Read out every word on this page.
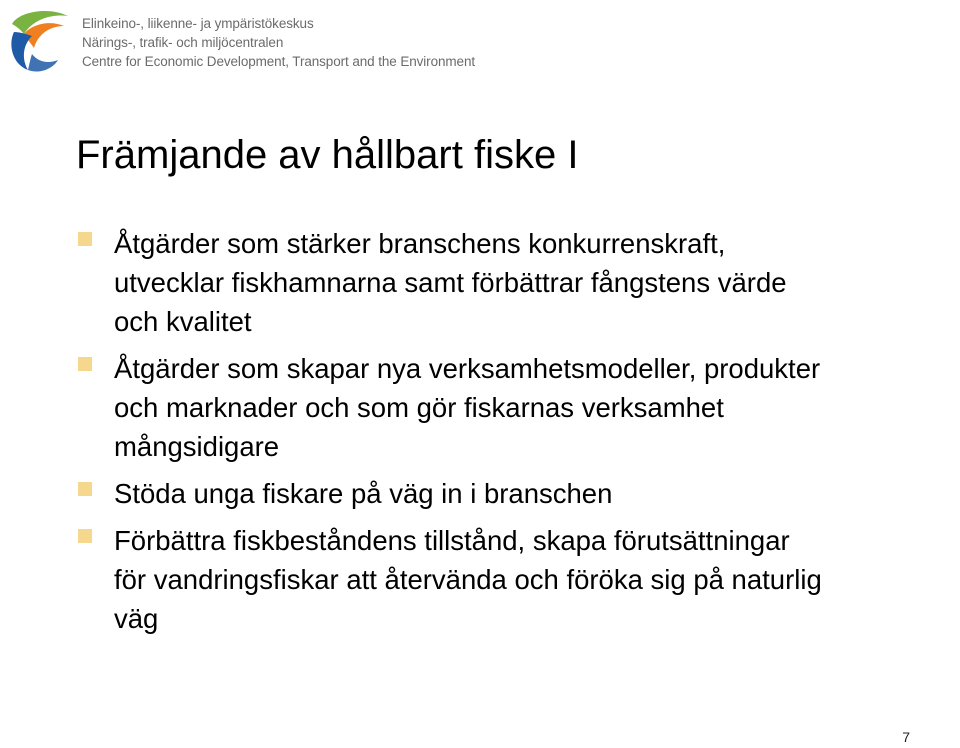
Elinkeino-, liikenne- ja ympäristökeskus
Närings-, trafik- och miljöcentralen
Centre for Economic Development, Transport and the Environment
Främjande av hållbart fiske I
Åtgärder som stärker branschens konkurrenskraft,
utvecklar fiskhamnarna samt förbättrar fångstens värde
och kvalitet
Åtgärder som skapar nya verksamhetsmodeller, produkter
och marknader och som gör fiskarnas verksamhet
mångsidigare
Stöda unga fiskare på väg in i branschen
Förbättra fiskbeståndens tillstånd, skapa förutsättningar
för vandringsfiskar att återvända och föröka sig på naturlig
väg
7
